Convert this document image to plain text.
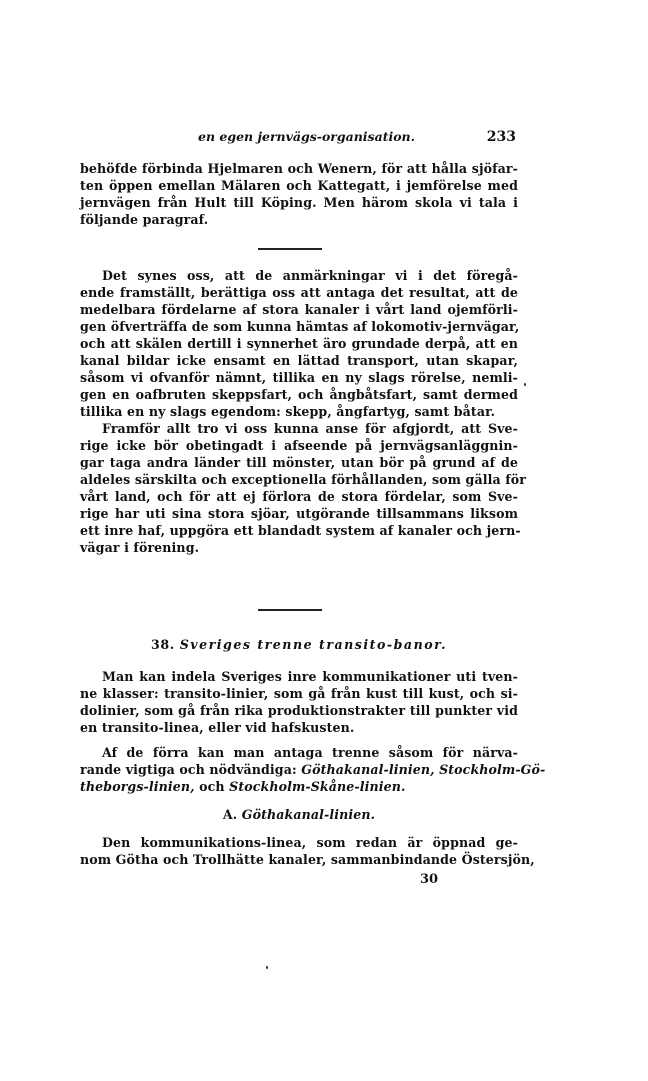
en egen jernvägs-organisation.	233
behöfde förbinda Hjelmaren och Wenern, för att hålla sjöfar-
ten öppen emellan Mälaren och Kattegatt, i jemförelse med
jernvägen från Hult till Köping. Men härom skola vi tala i
följande paragraf.
Det synes oss, att de anmärkningar vi i det föregå-
ende framställt, berättiga oss att antaga det resultat, att de
medelbara fördelarne af stora kanaler i vårt land ojemförli-
gen öfverträffa de som kunna hämtas af lokomotiv-jernvägar,
och att skälen dertill i synnerhet äro grundade derpå, att en
kanal bildar icke ensamt en lättad transport, utan skapar,
såsom vi ofvanför nämnt, tillika en ny slags rörelse, nemli-
gen en oafbruten skeppsfart, och ångbåtsfart, samt dermed
tillika en ny slags egendom: skepp, ångfartyg, samt båtar.
Framför allt tro vi oss kunna anse för afgjordt, att Sve-
rige icke bör obetingadt i afseende på jernvägsanläggnin-
gar taga andra länder till mönster, utan bör på grund af de
aldeles särskilta och exceptionella förhållanden, som gälla för
vårt land, och för att ej förlora de stora fördelar, som Sve-
rige har uti sina stora sjöar, utgörande tillsammans liksom
ett inre haf, uppgöra ett blandadt system af kanaler och jern-
vägar i förening.
38. Sveriges trenne transito-banor.
Man kan indela Sveriges inre kommunikationer uti tven-
ne klasser: transito-linier, som gå från kust till kust, och si-
dolinier, som gå från rika produktionstrakter till punkter vid
en transito-linea, eller vid hafskusten.
Af de förra kan man antaga trenne såsom för närva-
rande vigtiga och nödvändiga: Göthakanal-linien, Stockholm-Gö-
theborgs-linien, och Stockholm-Skåne-linien.
A. Göthakanal-linien.
Den kommunikations-linea, som redan är öppnad ge-
nom Götha och Trollhätte kanaler, sammanbindande Östersjön,
30
